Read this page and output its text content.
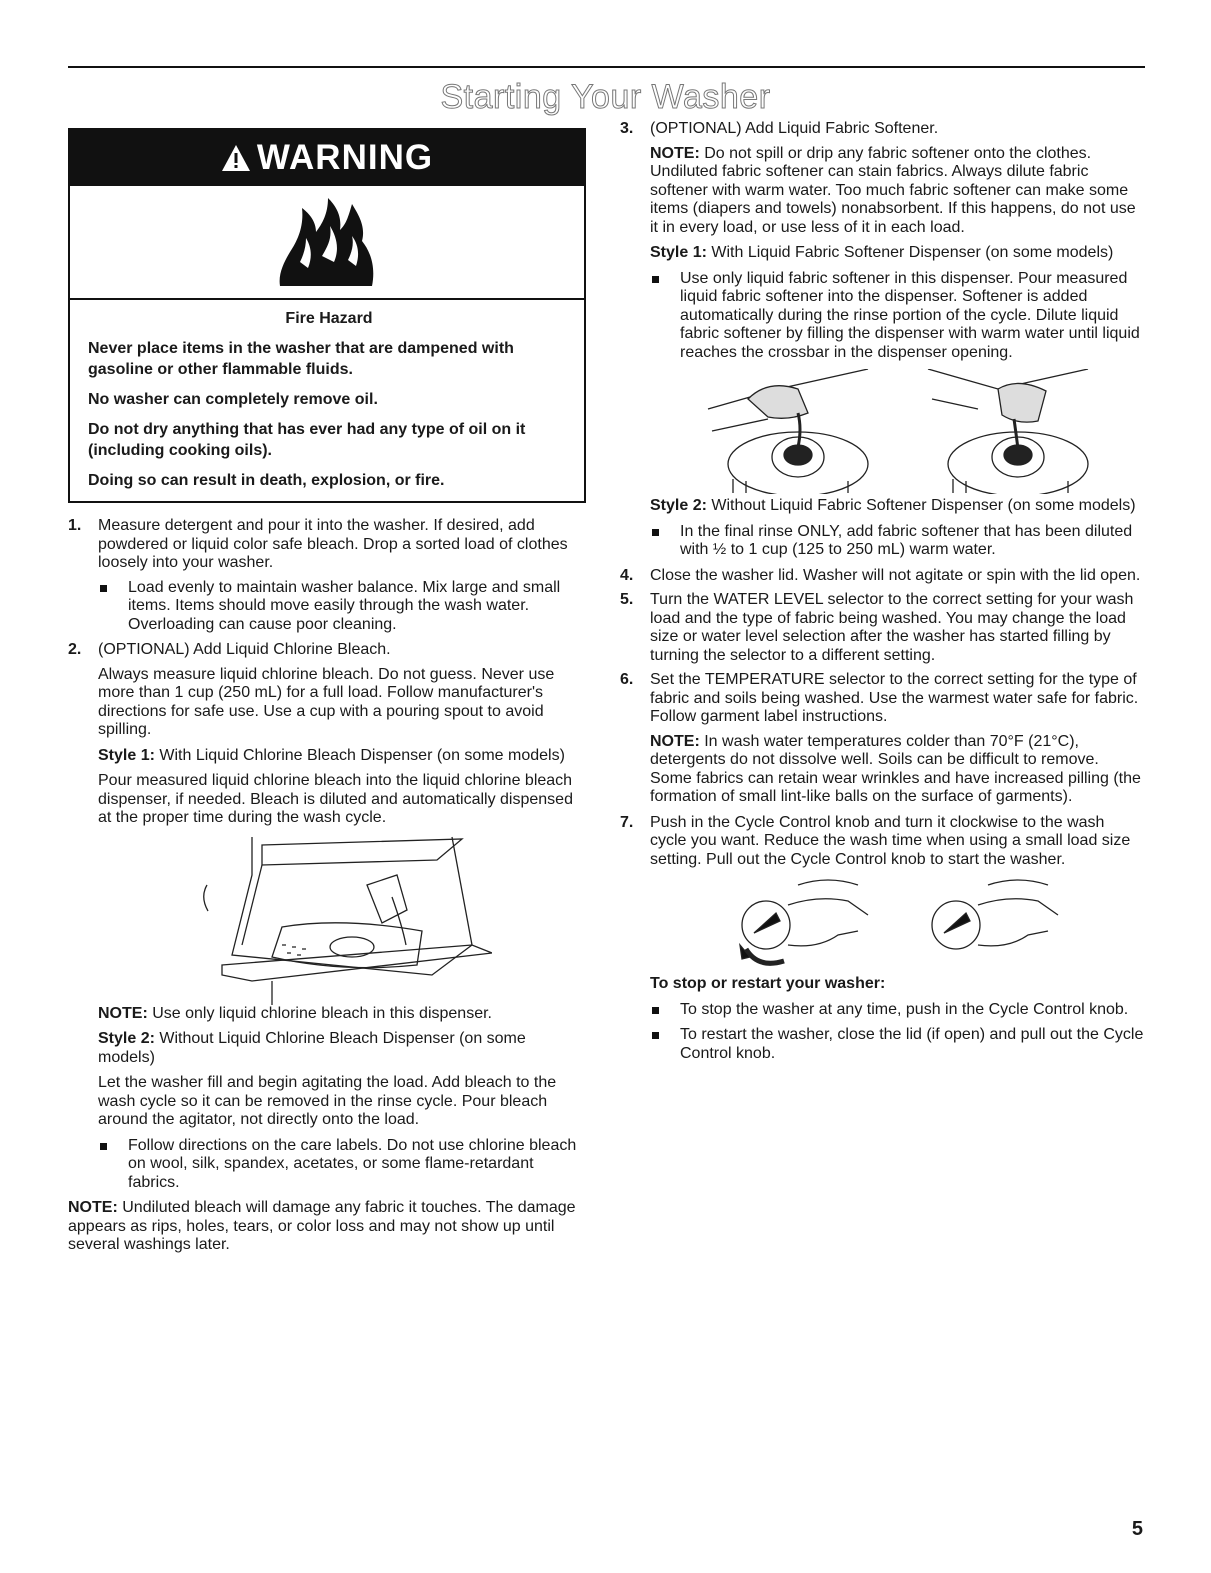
Starting Your Washer
WARNING
Fire Hazard

Never place items in the washer that are dampened with gasoline or other flammable fluids.

No washer can completely remove oil.

Do not dry anything that has ever had any type of oil on it (including cooking oils).

Doing so can result in death, explosion, or fire.

1. Measure detergent and pour it into the washer. If desired, add powdered or liquid color safe bleach. Drop a sorted load of clothes loosely into your washer.
Load evenly to maintain washer balance. Mix large and small items. Items should move easily through the wash water. Overloading can cause poor cleaning.
2. (OPTIONAL) Add Liquid Chlorine Bleach.

Always measure liquid chlorine bleach. Do not guess. Never use more than 1 cup (250 mL) for a full load. Follow manufacturer's directions for safe use. Use a cup with a pouring spout to avoid spilling.

Style 1: With Liquid Chlorine Bleach Dispenser (on some models)

Pour measured liquid chlorine bleach into the liquid chlorine bleach dispenser, if needed. Bleach is diluted and automatically dispensed at the proper time during the wash cycle.

NOTE: Use only liquid chlorine bleach in this dispenser.

Style 2: Without Liquid Chlorine Bleach Dispenser (on some models)

Let the washer fill and begin agitating the load. Add bleach to the wash cycle so it can be removed in the rinse cycle. Pour bleach around the agitator, not directly onto the load.

Follow directions on the care labels. Do not use chlorine bleach on wool, silk, spandex, acetates, or some flame-retardant fabrics.

NOTE: Undiluted bleach will damage any fabric it touches. The damage appears as rips, holes, tears, or color loss and may not show up until several washings later.

3. (OPTIONAL) Add Liquid Fabric Softener.

NOTE: Do not spill or drip any fabric softener onto the clothes. Undiluted fabric softener can stain fabrics. Always dilute fabric softener with warm water. Too much fabric softener can make some items (diapers and towels) nonabsorbent. If this happens, do not use it in every load, or use less of it in each load.

Style 1: With Liquid Fabric Softener Dispenser (on some models)

Use only liquid fabric softener in this dispenser. Pour measured liquid fabric softener into the dispenser. Softener is added automatically during the rinse portion of the cycle. Dilute liquid fabric softener by filling the dispenser with warm water until liquid reaches the crossbar in the dispenser opening.

Style 2: Without Liquid Fabric Softener Dispenser (on some models)

In the final rinse ONLY, add fabric softener that has been diluted with ½ to 1 cup (125 to 250 mL) warm water.
4. Close the washer lid. Washer will not agitate or spin with the lid open.
5. Turn the WATER LEVEL selector to the correct setting for your wash load and the type of fabric being washed. You may change the load size or water level selection after the washer has started filling by turning the selector to a different setting.
6. Set the TEMPERATURE selector to the correct setting for the type of fabric and soils being washed. Use the warmest water safe for fabric. Follow garment label instructions.

NOTE: In wash water temperatures colder than 70°F (21°C), detergents do not dissolve well. Soils can be difficult to remove. Some fabrics can retain wear wrinkles and have increased pilling (the formation of small lint-like balls on the surface of garments).

7. Push in the Cycle Control knob and turn it clockwise to the wash cycle you want. Reduce the wash time when using a small load size setting. Pull out the Cycle Control knob to start the washer.

To stop or restart your washer:

To stop the washer at any time, push in the Cycle Control knob.
To restart the washer, close the lid (if open) and pull out the Cycle Control knob.
5
